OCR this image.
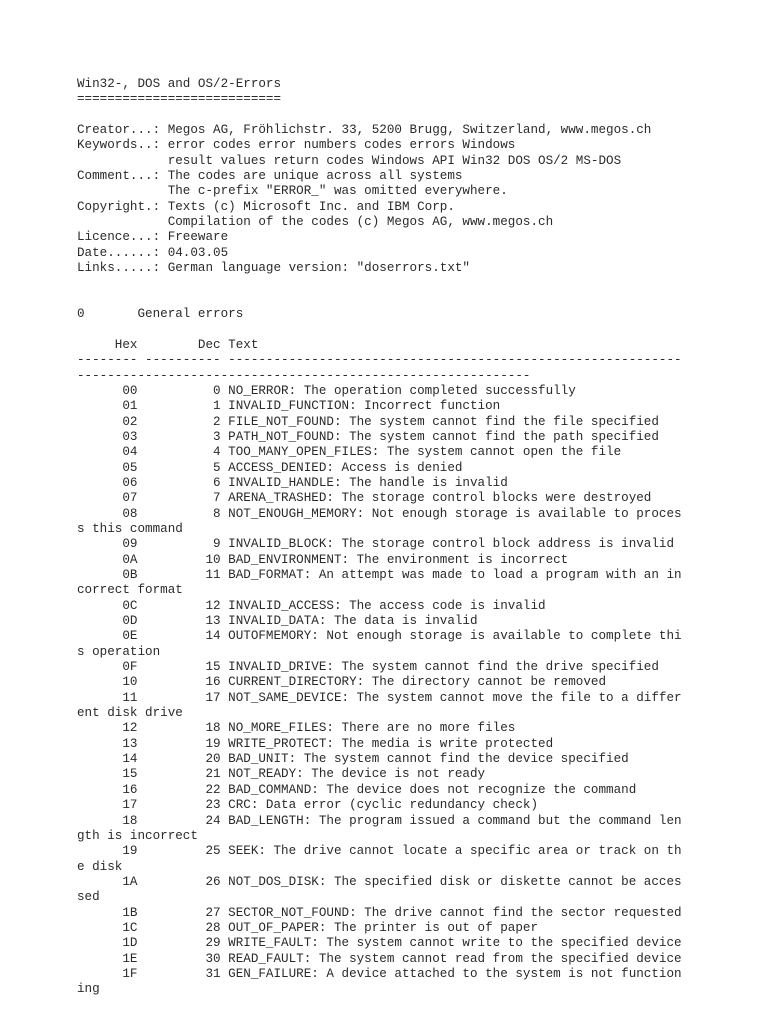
Win32-, DOS and OS/2-Errors
===========================
Creator...: Megos AG, Fröhlichstr. 33, 5200 Brugg, Switzerland, www.megos.ch
Keywords..: error codes error numbers codes errors Windows
result values return codes Windows API Win32 DOS OS/2 MS-DOS
Comment...: The codes are unique across all systems
The c-prefix "ERROR_" was omitted everywhere.
Copyright.: Texts (c) Microsoft Inc. and IBM Corp.
Compilation of the codes (c) Megos AG, www.megos.ch
Licence...: Freeware
Date......: 04.03.05
Links.....: German language version: "doserrors.txt"
0       General errors
Hex        Dec Text
-------- ---------- ------------------------------------------------------------
------------------------------------------------------------
00          0 NO_ERROR: The operation completed successfully
01          1 INVALID_FUNCTION: Incorrect function
02          2 FILE_NOT_FOUND: The system cannot find the file specified
03          3 PATH_NOT_FOUND: The system cannot find the path specified
04          4 TOO_MANY_OPEN_FILES: The system cannot open the file
05          5 ACCESS_DENIED: Access is denied
06          6 INVALID_HANDLE: The handle is invalid
07          7 ARENA_TRASHED: The storage control blocks were destroyed
08          8 NOT_ENOUGH_MEMORY: Not enough storage is available to proces
s this command
09          9 INVALID_BLOCK: The storage control block address is invalid
0A         10 BAD_ENVIRONMENT: The environment is incorrect
0B         11 BAD_FORMAT: An attempt was made to load a program with an in
correct format
0C         12 INVALID_ACCESS: The access code is invalid
0D         13 INVALID_DATA: The data is invalid
0E         14 OUTOFMEMORY: Not enough storage is available to complete thi
s operation
0F         15 INVALID_DRIVE: The system cannot find the drive specified
10         16 CURRENT_DIRECTORY: The directory cannot be removed
11         17 NOT_SAME_DEVICE: The system cannot move the file to a differ
ent disk drive
12         18 NO_MORE_FILES: There are no more files
13         19 WRITE_PROTECT: The media is write protected
14         20 BAD_UNIT: The system cannot find the device specified
15         21 NOT_READY: The device is not ready
16         22 BAD_COMMAND: The device does not recognize the command
17         23 CRC: Data error (cyclic redundancy check)
18         24 BAD_LENGTH: The program issued a command but the command len
gth is incorrect
19         25 SEEK: The drive cannot locate a specific area or track on th
e disk
1A         26 NOT_DOS_DISK: The specified disk or diskette cannot be acces
sed
1B         27 SECTOR_NOT_FOUND: The drive cannot find the sector requested
1C         28 OUT_OF_PAPER: The printer is out of paper
1D         29 WRITE_FAULT: The system cannot write to the specified device
1E         30 READ_FAULT: The system cannot read from the specified device
1F         31 GEN_FAILURE: A device attached to the system is not function
ing
